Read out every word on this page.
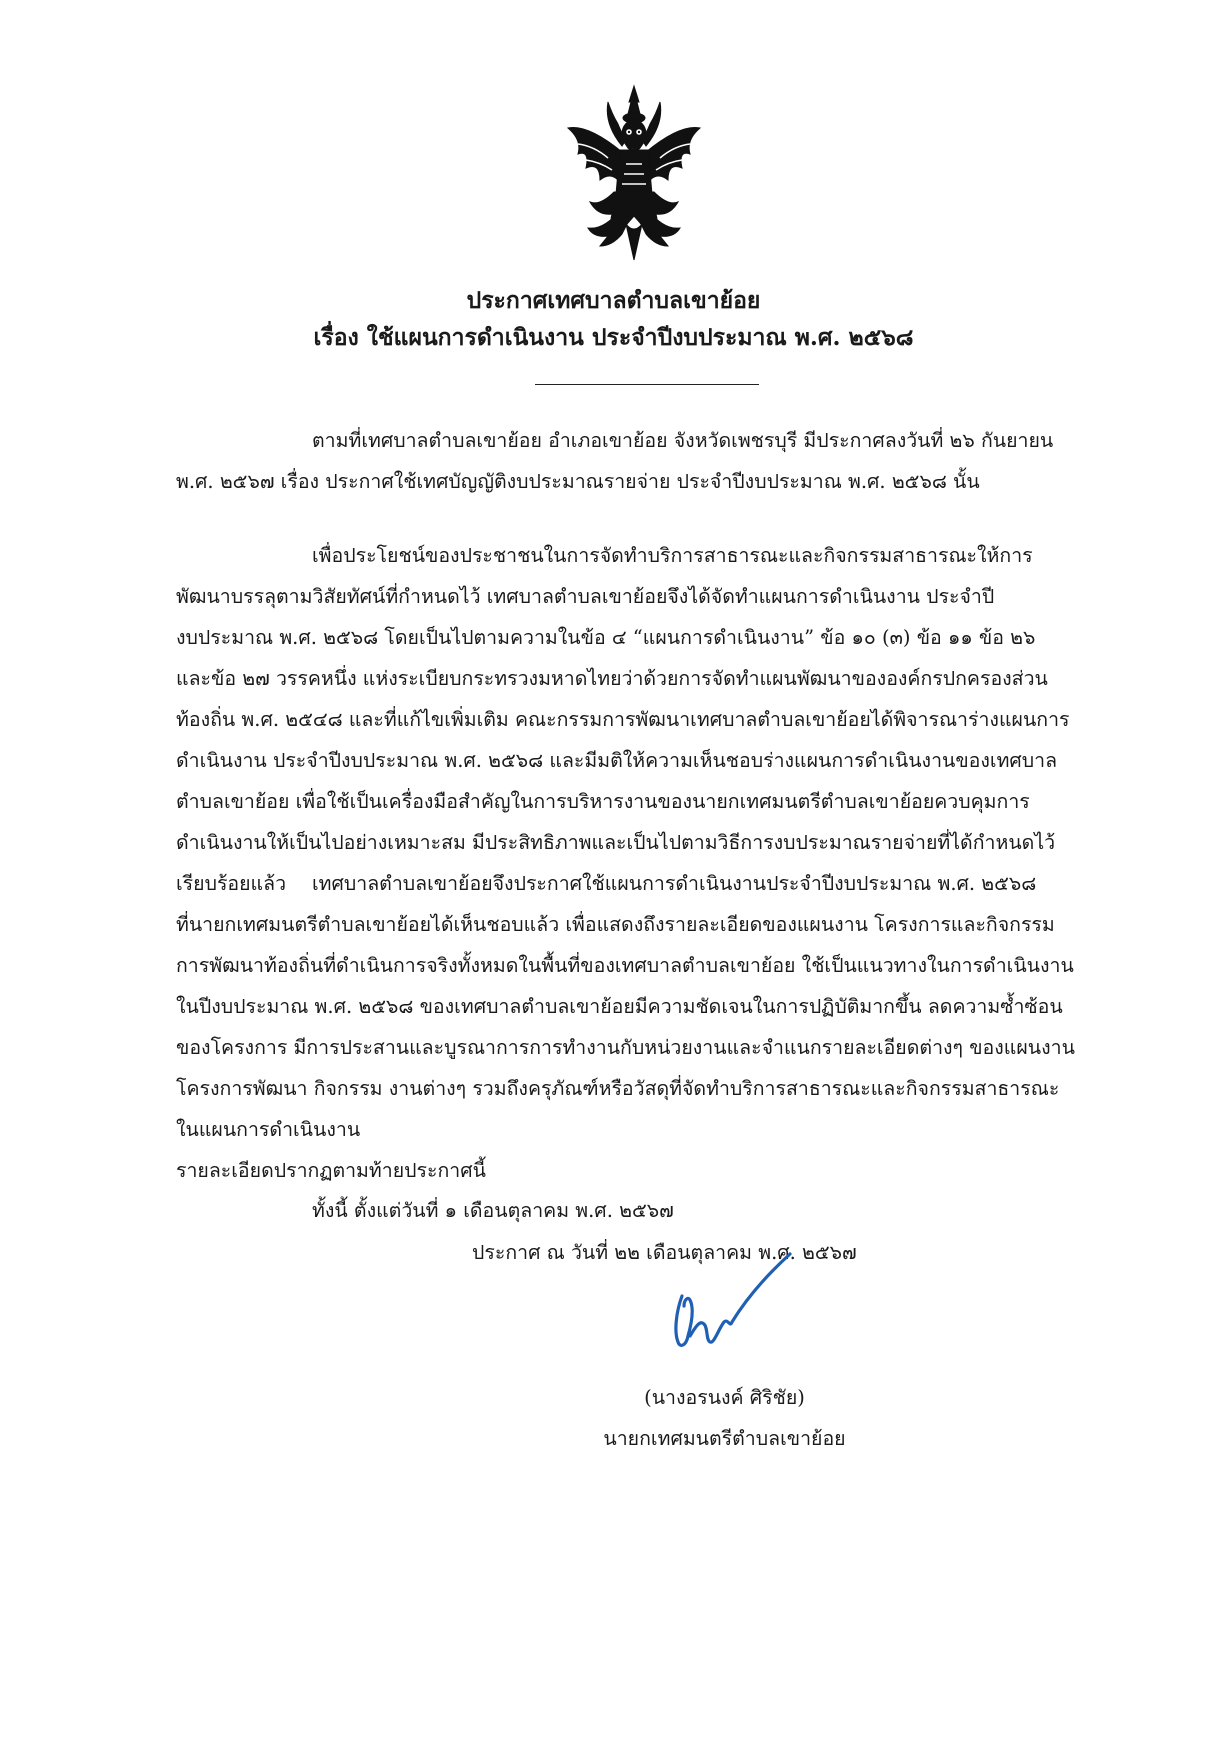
ประกาศเทศบาลตำบลเขาย้อย
เรื่อง ใช้แผนการดำเนินงาน ประจำปีงบประมาณ พ.ศ. ๒๕๖๘
ตามที่เทศบาลตำบลเขาย้อย อำเภอเขาย้อย จังหวัดเพชรบุรี มีประกาศลงวันที่ ๒๖ กันยายน
พ.ศ. ๒๕๖๗ เรื่อง ประกาศใช้เทศบัญญัติงบประมาณรายจ่าย ประจำปีงบประมาณ พ.ศ. ๒๕๖๘ นั้น
เพื่อประโยชน์ของประชาชนในการจัดทำบริการสาธารณะและกิจกรรมสาธารณะให้การ
พัฒนาบรรลุตามวิสัยทัศน์ที่กำหนดไว้ เทศบาลตำบลเขาย้อยจึงได้จัดทำแผนการดำเนินงาน ประจำปี
งบประมาณ พ.ศ. ๒๕๖๘ โดยเป็นไปตามความในข้อ ๔ “แผนการดำเนินงาน” ข้อ ๑๐ (๓) ข้อ ๑๑ ข้อ ๒๖
และข้อ ๒๗ วรรคหนึ่ง แห่งระเบียบกระทรวงมหาดไทยว่าด้วยการจัดทำแผนพัฒนาขององค์กรปกครองส่วน
ท้องถิ่น พ.ศ. ๒๕๔๘ และที่แก้ไขเพิ่มเติม คณะกรรมการพัฒนาเทศบาลตำบลเขาย้อยได้พิจารณาร่างแผนการ
ดำเนินงาน ประจำปีงบประมาณ พ.ศ. ๒๕๖๘ และมีมติให้ความเห็นชอบร่างแผนการดำเนินงานของเทศบาล
ตำบลเขาย้อย เพื่อใช้เป็นเครื่องมือสำคัญในการบริหารงานของนายกเทศมนตรีตำบลเขาย้อยควบคุมการ
ดำเนินงานให้เป็นไปอย่างเหมาะสม มีประสิทธิภาพและเป็นไปตามวิธีการงบประมาณรายจ่ายที่ได้กำหนดไว้
เรียบร้อยแล้ว	เทศบาลตำบลเขาย้อยจึงประกาศใช้แผนการดำเนินงานประจำปีงบประมาณ พ.ศ. ๒๕๖๘
ที่นายกเทศมนตรีตำบลเขาย้อยได้เห็นชอบแล้ว เพื่อแสดงถึงรายละเอียดของแผนงาน โครงการและกิจกรรม
การพัฒนาท้องถิ่นที่ดำเนินการจริงทั้งหมดในพื้นที่ของเทศบาลตำบลเขาย้อย ใช้เป็นแนวทางในการดำเนินงาน
ในปีงบประมาณ พ.ศ. ๒๕๖๘ ของเทศบาลตำบลเขาย้อยมีความชัดเจนในการปฏิบัติมากขึ้น ลดความซ้ำซ้อน
ของโครงการ มีการประสานและบูรณาการการทำงานกับหน่วยงานและจำแนกรายละเอียดต่างๆ ของแผนงาน
โครงการพัฒนา กิจกรรม งานต่างๆ รวมถึงครุภัณฑ์หรือวัสดุที่จัดทำบริการสาธารณะและกิจกรรมสาธารณะ
ในแผนการดำเนินงาน
รายละเอียดปรากฏตามท้ายประกาศนี้
ทั้งนี้ ตั้งแต่วันที่ ๑ เดือนตุลาคม พ.ศ. ๒๕๖๗
ประกาศ ณ วันที่ ๒๒ เดือนตุลาคม พ.ศ. ๒๕๖๗
(นางอรนงค์ ศิริชัย)
นายกเทศมนตรีตำบลเขาย้อย
